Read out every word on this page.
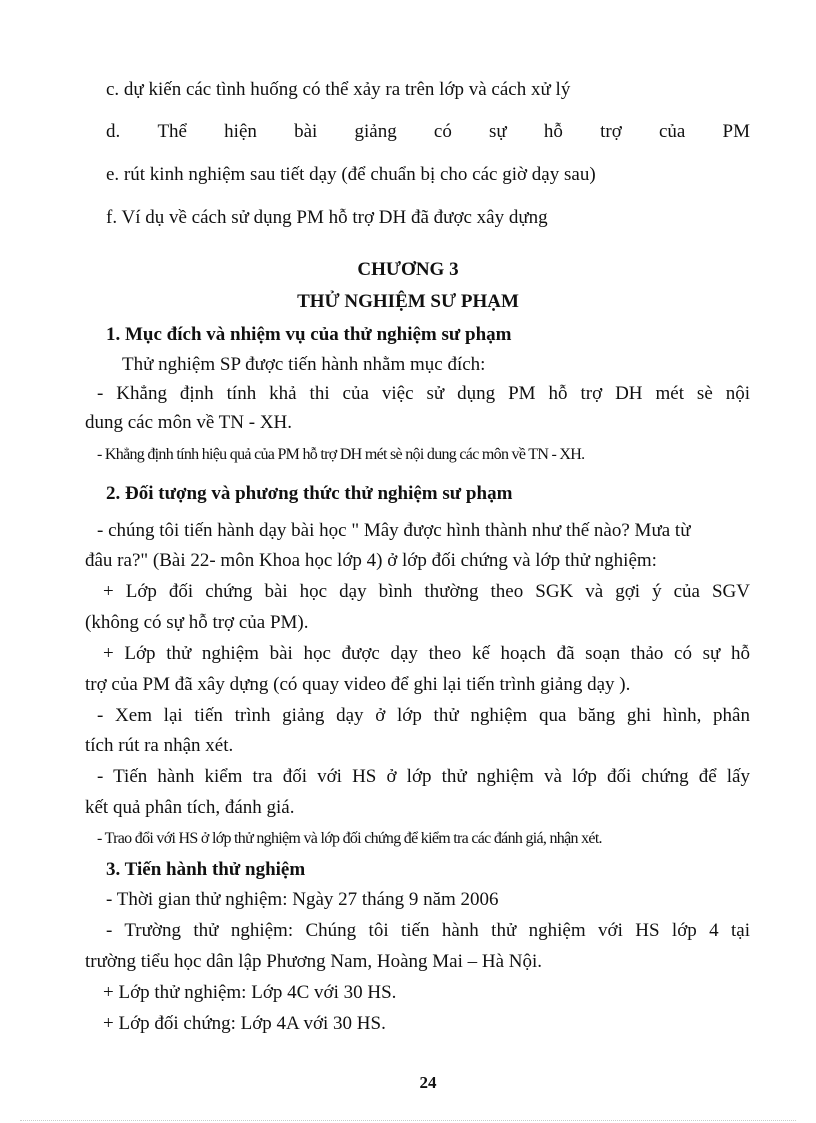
c. dự kiến các tình huống có thể xảy ra trên lớp và cách xử lý
d. Thể hiện bài giảng có sự hỗ trợ của PM
e. rút kinh nghiệm sau tiết dạy (để chuẩn bị cho các giờ dạy sau)
f. Ví dụ về cách sử dụng PM hỗ trợ DH đã được xây dựng
CHƯƠNG 3
THỬ NGHIỆM SƯ PHẠM
1. Mục đích và nhiệm vụ của thử nghiệm sư phạm
Thử nghiệm SP được tiến hành nhằm mục đích:
- Khẳng định tính khả thi của việc sử dụng PM hỗ trợ DH mét sè nội
dung các môn về TN - XH.
- Khẳng định tính hiệu quả của PM hỗ trợ DH mét sè nội dung các môn về TN - XH.
2. Đối tượng và phương thức thử nghiệm sư phạm
- chúng tôi tiến hành dạy bài học " Mây được hình thành như thế nào? Mưa từ
đâu ra?" (Bài 22- môn Khoa học lớp 4) ở lớp đối chứng và lớp thử nghiệm:
+ Lớp đối chứng bài học dạy bình thường theo SGK và gợi ý của SGV
(không có sự hỗ trợ của PM).
+ Lớp thử nghiệm bài học được dạy theo kế hoạch đã soạn thảo có sự hỗ
trợ của PM đã xây dựng (có quay video để ghi lại tiến trình giảng dạy ).
- Xem lại tiến trình giảng dạy ở lớp thử nghiệm qua băng ghi hình, phân
tích rút ra nhận xét.
- Tiến hành kiểm tra đối với HS ở lớp thử nghiệm và lớp đối chứng để lấy
kết quả phân tích, đánh giá.
- Trao đổi với HS ở lớp thử nghiệm và lớp đối chứng để kiểm tra các đánh giá, nhận xét.
3. Tiến hành thử nghiệm
- Thời gian thử nghiệm: Ngày 27 tháng 9 năm 2006
- Trường thử nghiệm: Chúng tôi tiến hành thử nghiệm với HS lớp 4 tại
trường tiểu học dân lập Phương Nam, Hoàng Mai – Hà Nội.
+ Lớp thử nghiệm: Lớp 4C với 30 HS.
+ Lớp đối chứng: Lớp 4A với 30 HS.
24
